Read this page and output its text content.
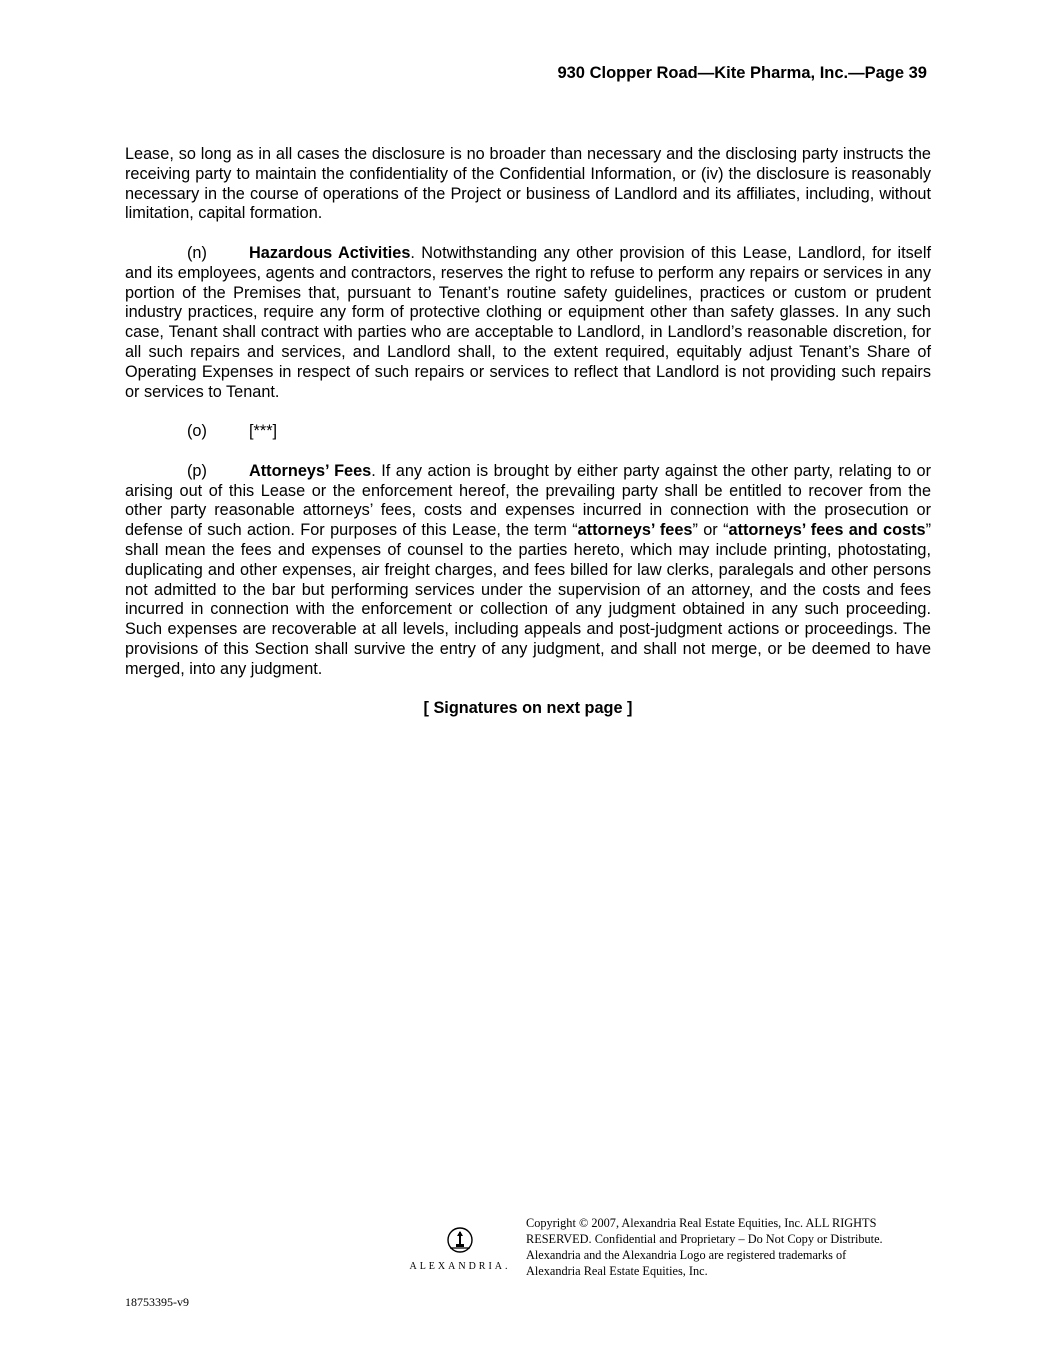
930 Clopper Road—Kite Pharma, Inc.—Page 39

Lease, so long as in all cases the disclosure is no broader than necessary and the disclosing party instructs the receiving party to maintain the confidentiality of the Confidential Information, or (iv) the disclosure is reasonably necessary in the course of operations of the Project or business of Landlord and its affiliates, including, without limitation, capital formation.

(n)	Hazardous Activities. Notwithstanding any other provision of this Lease, Landlord, for itself and its employees, agents and contractors, reserves the right to refuse to perform any repairs or services in any portion of the Premises that, pursuant to Tenant’s routine safety guidelines, practices or custom or prudent industry practices, require any form of protective clothing or equipment other than safety glasses. In any such case, Tenant shall contract with parties who are acceptable to Landlord, in Landlord’s reasonable discretion, for all such repairs and services, and Landlord shall, to the extent required, equitably adjust Tenant’s Share of Operating Expenses in respect of such repairs or services to reflect that Landlord is not providing such repairs or services to Tenant.

(o)	[***]

(p)	Attorneys’ Fees. If any action is brought by either party against the other party, relating to or arising out of this Lease or the enforcement hereof, the prevailing party shall be entitled to recover from the other party reasonable attorneys’ fees, costs and expenses incurred in connection with the prosecution or defense of such action. For purposes of this Lease, the term “attorneys’ fees” or “attorneys’ fees and costs” shall mean the fees and expenses of counsel to the parties hereto, which may include printing, photostating, duplicating and other expenses, air freight charges, and fees billed for law clerks, paralegals and other persons not admitted to the bar but performing services under the supervision of an attorney, and the costs and fees incurred in connection with the enforcement or collection of any judgment obtained in any such proceeding. Such expenses are recoverable at all levels, including appeals and post-judgment actions or proceedings. The provisions of this Section shall survive the entry of any judgment, and shall not merge, or be deemed to have merged, into any judgment.

[ Signatures on next page ]

ALEXANDRIA.
Copyright © 2007, Alexandria Real Estate Equities, Inc. ALL RIGHTS RESERVED. Confidential and Proprietary – Do Not Copy or Distribute. Alexandria and the Alexandria Logo are registered trademarks of Alexandria Real Estate Equities, Inc.
18753395-v9
